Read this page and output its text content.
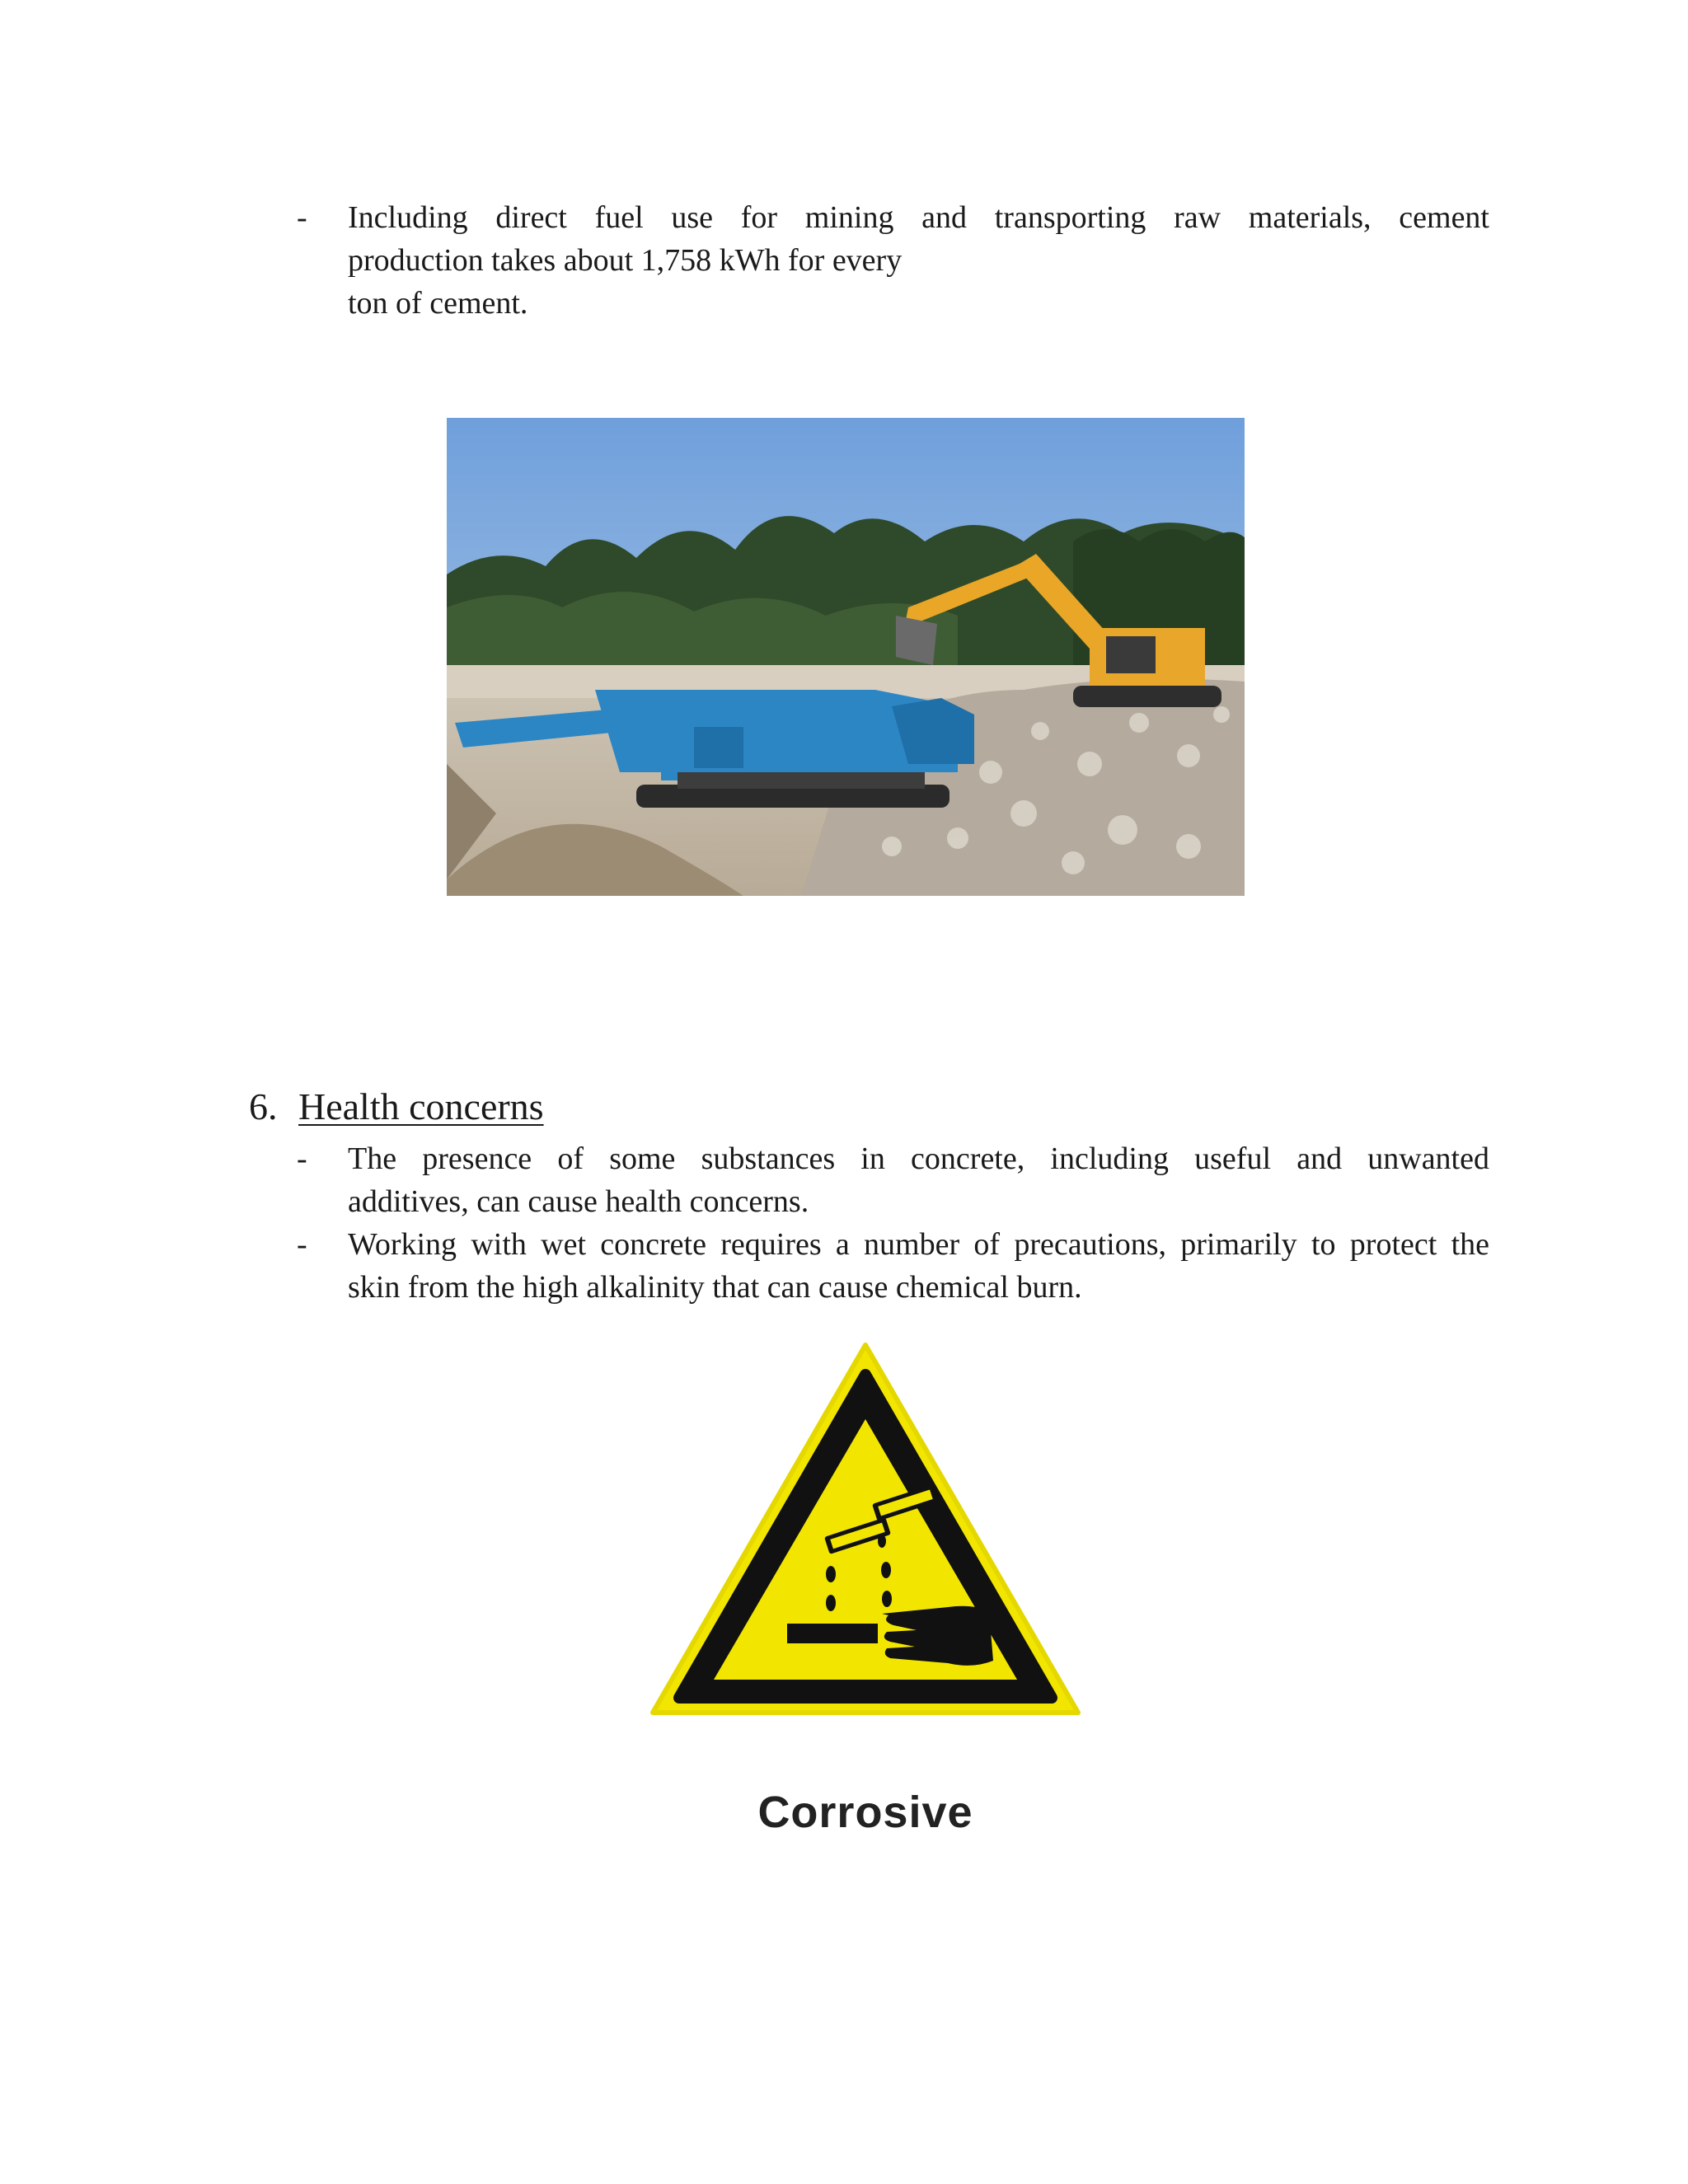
- Including direct fuel use for mining and transporting raw materials, cement
production takes about 1,758 kWh for every
ton of cement.
6. Health concerns
- The presence of some substances in concrete, including useful and unwanted
additives, can cause health concerns.
- Working with wet concrete requires a number of precautions, primarily to protect the
skin from the high alkalinity that can cause chemical burn.
Corrosive
